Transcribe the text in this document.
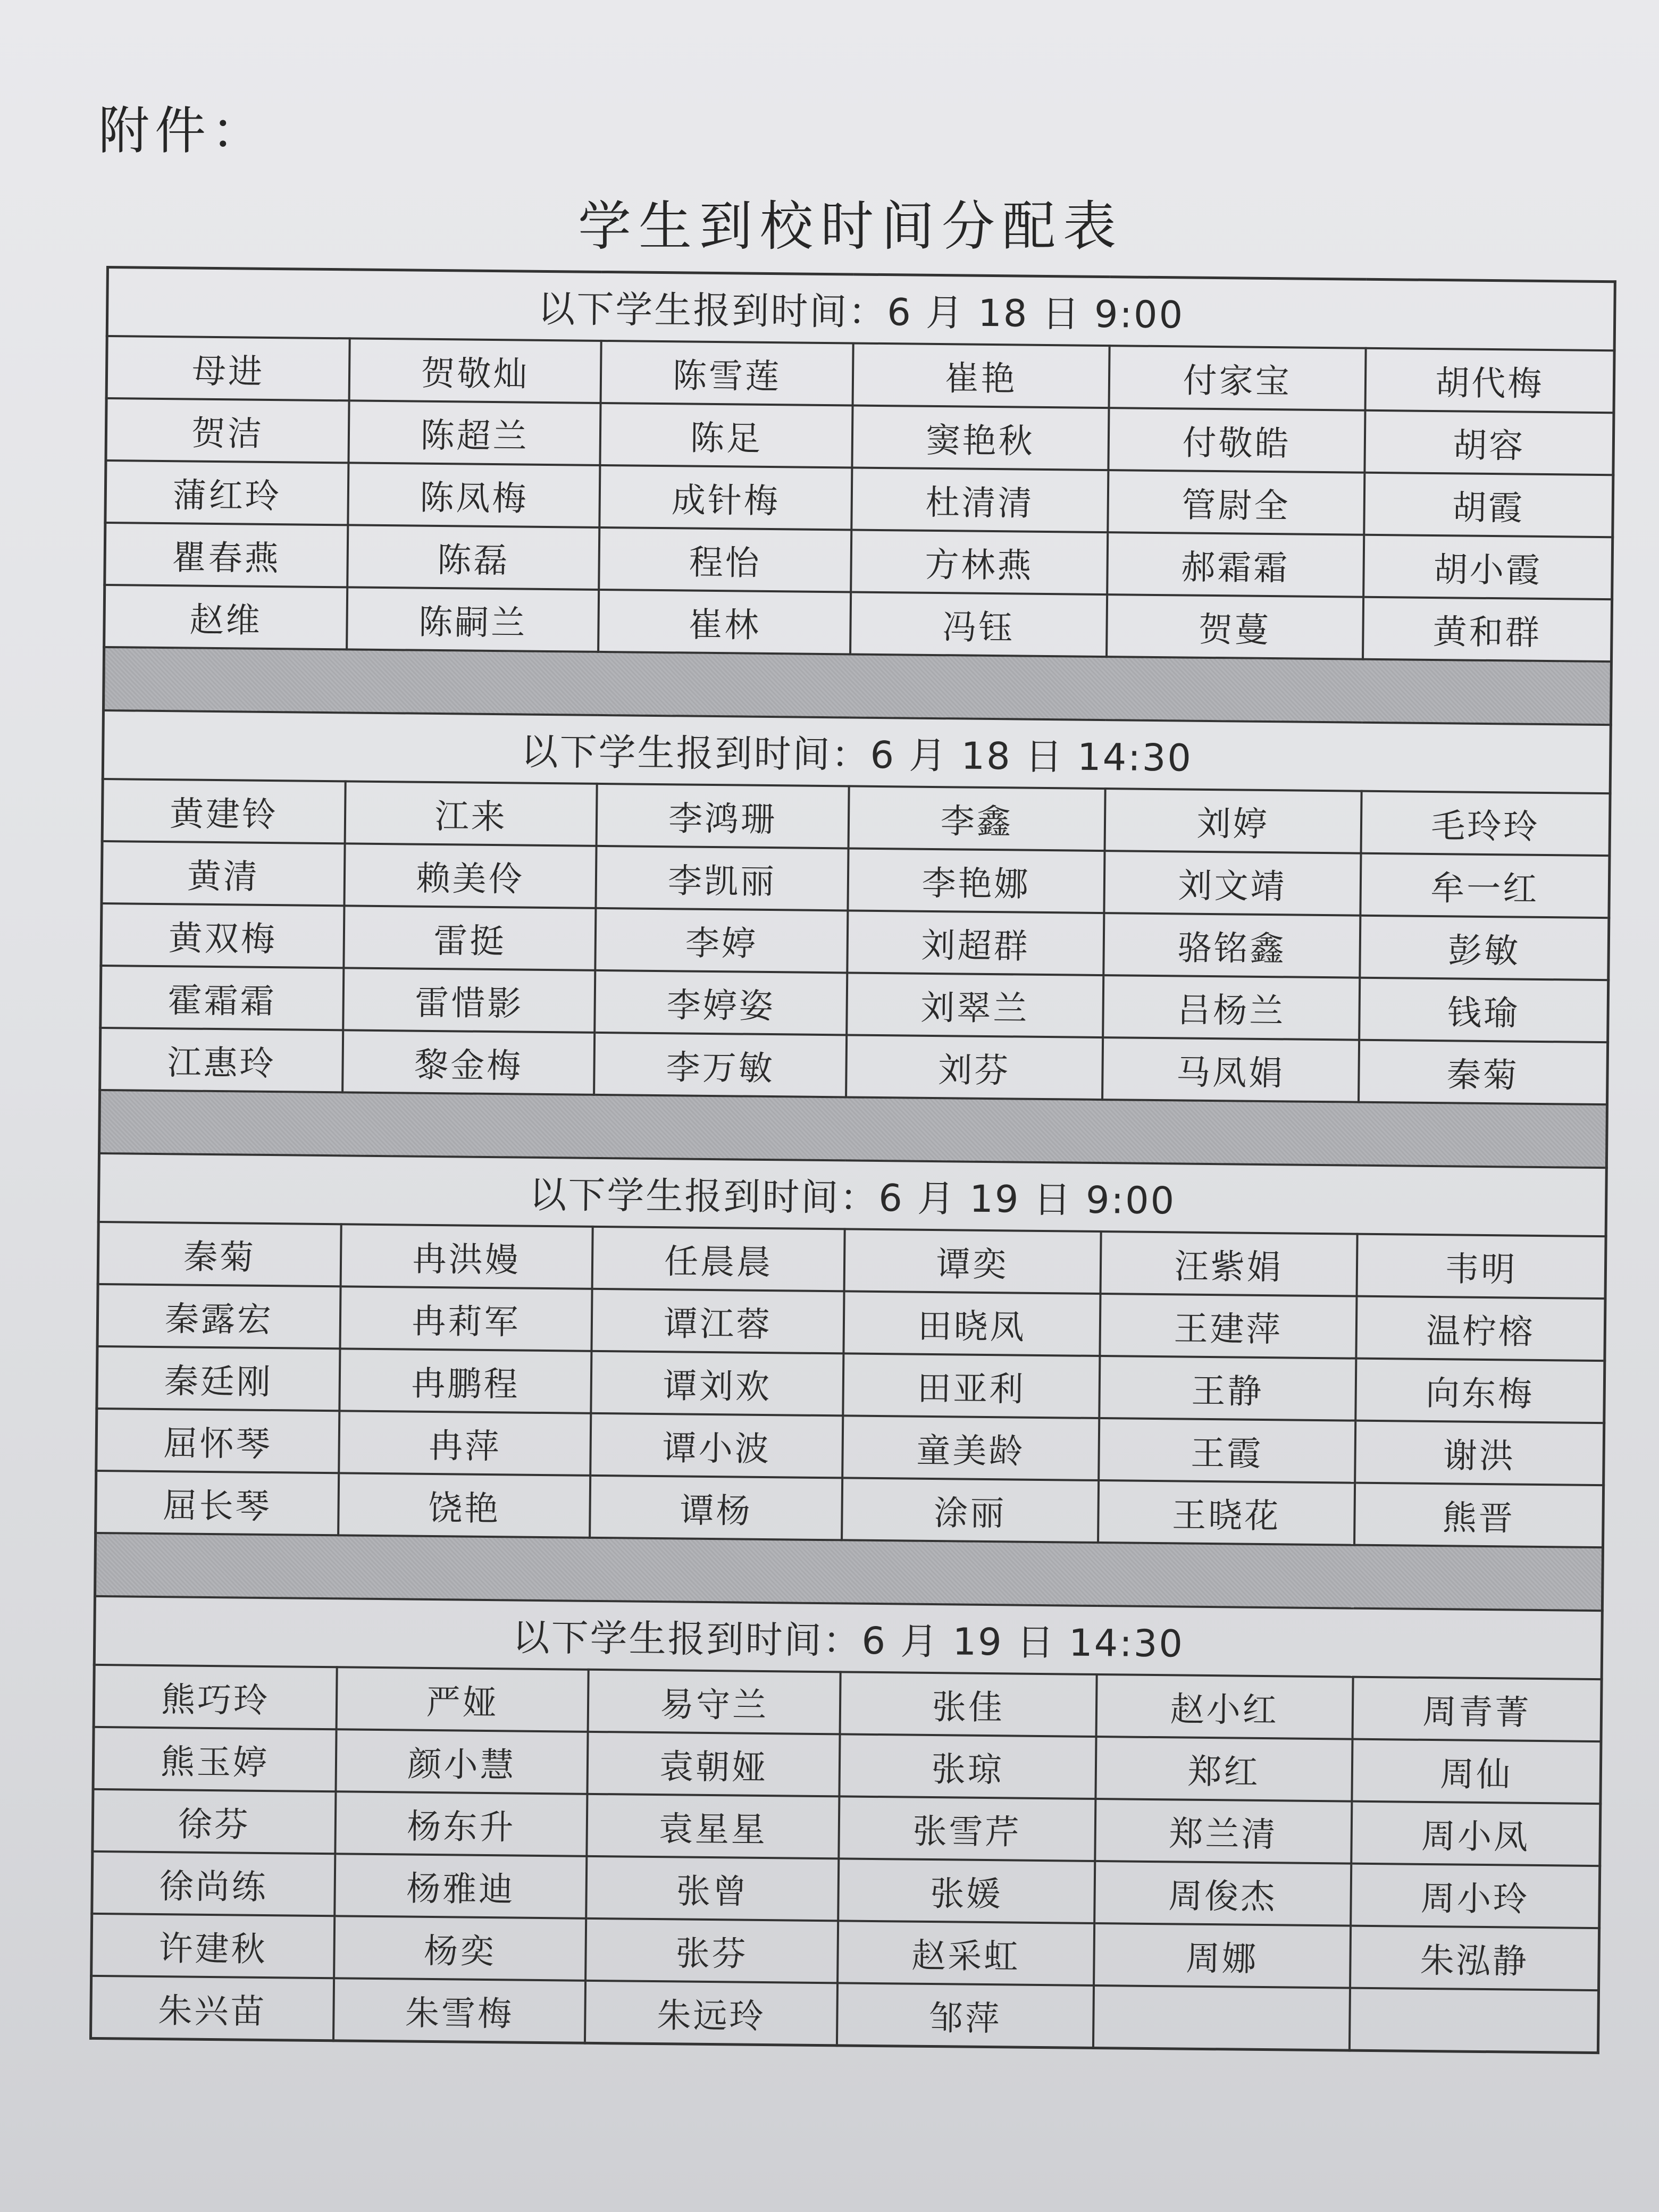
附件：
学生到校时间分配表
以下学生报到时间：6 月 18 日 9:00					
母进	贺敬灿	陈雪莲	崔艳	付家宝	胡代梅
贺洁	陈超兰	陈足	窦艳秋	付敬皓	胡容
蒲红玲	陈凤梅	成针梅	杜清清	管尉全	胡霞
瞿春燕	陈磊	程怡	方林燕	郝霜霜	胡小霞
赵维	陈嗣兰	崔林	冯钰	贺蔓	黄和群

以下学生报到时间：6 月 18 日 14:30					
黄建铃	江来	李鸿珊	李鑫	刘婷	毛玲玲
黄清	赖美伶	李凯丽	李艳娜	刘文靖	牟一红
黄双梅	雷挺	李婷	刘超群	骆铭鑫	彭敏
霍霜霜	雷惜影	李婷姿	刘翠兰	吕杨兰	钱瑜
江惠玲	黎金梅	李万敏	刘芬	马凤娟	秦菊

以下学生报到时间：6 月 19 日 9:00					
秦菊	冉洪嫚	任晨晨	谭奕	汪紫娟	韦明
秦露宏	冉莉军	谭江蓉	田晓凤	王建萍	温柠榕
秦廷刚	冉鹏程	谭刘欢	田亚利	王静	向东梅
屈怀琴	冉萍	谭小波	童美龄	王霞	谢洪
屈长琴	饶艳	谭杨	涂丽	王晓花	熊晋

以下学生报到时间：6 月 19 日 14:30					
熊巧玲	严娅	易守兰	张佳	赵小红	周青菁
熊玉婷	颜小慧	袁朝娅	张琼	郑红	周仙
徐芬	杨东升	袁星星	张雪芹	郑兰清	周小凤
徐尚练	杨雅迪	张曾	张媛	周俊杰	周小玲
许建秋	杨奕	张芬	赵采虹	周娜	朱泓静
朱兴苗	朱雪梅	朱远玲	邹萍		
